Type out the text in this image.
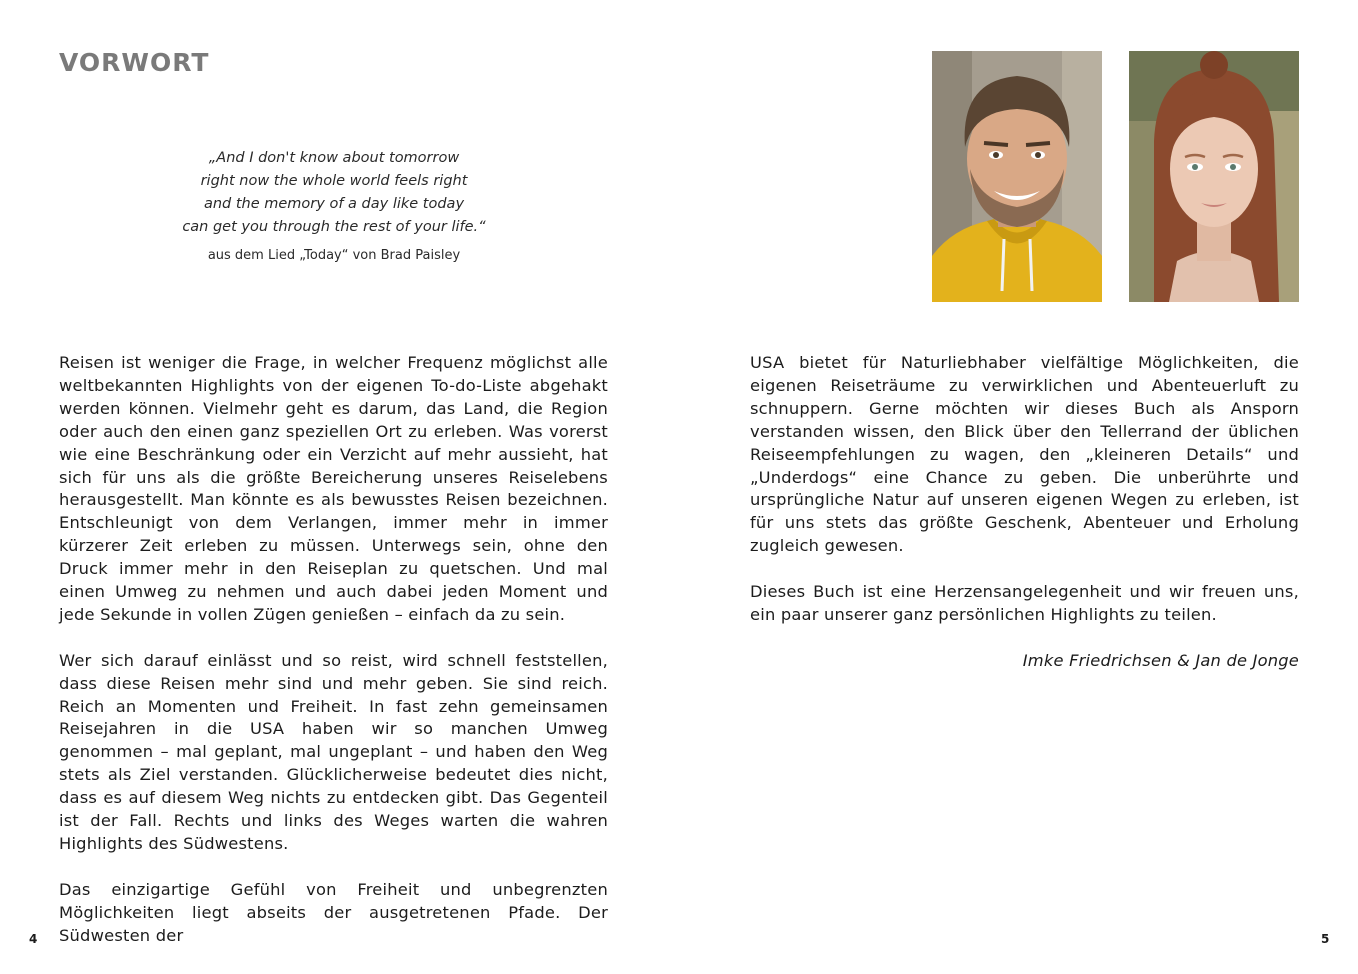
VORWORT
„And I don't know about tomorrow
right now the whole world feels right
and the memory of a day like today
can get you through the rest of your life.“
aus dem Lied „Today“ von Brad Paisley

Reisen ist weniger die Frage, in welcher Frequenz möglichst alle weltbekannten Highlights von der eigenen To-do-Liste abgehakt werden können. Vielmehr geht es darum, das Land, die Region oder auch den einen ganz speziellen Ort zu erleben. Was vorerst wie eine Beschränkung oder ein Verzicht auf mehr aussieht, hat sich für uns als die größte Bereicherung unseres Reiselebens herausgestellt. Man könnte es als bewusstes Reisen bezeichnen. Entschleunigt von dem Verlangen, immer mehr in immer kürzerer Zeit erleben zu müssen. Unterwegs sein, ohne den Druck immer mehr in den Reiseplan zu quetschen. Und mal einen Umweg zu nehmen und auch dabei jeden Moment und jede Sekunde in vollen Zügen genießen – einfach da zu sein.

Wer sich darauf einlässt und so reist, wird schnell feststellen, dass diese Reisen mehr sind und mehr geben. Sie sind reich. Reich an Momenten und Freiheit. In fast zehn gemeinsamen Reisejahren in die USA haben wir so manchen Umweg genommen – mal geplant, mal ungeplant – und haben den Weg stets als Ziel verstanden. Glücklicherweise bedeutet dies nicht, dass es auf diesem Weg nichts zu entdecken gibt. Das Gegenteil ist der Fall. Rechts und links des Weges warten die wahren Highlights des Südwestens.

Das einzigartige Gefühl von Freiheit und unbegrenzten Möglichkeiten liegt abseits der ausgetretenen Pfade. Der Südwesten der

USA bietet für Naturliebhaber vielfältige Möglichkeiten, die eigenen Reiseträume zu verwirklichen und Abenteuerluft zu schnuppern. Gerne möchten wir dieses Buch als Ansporn verstanden wissen, den Blick über den Tellerrand der üblichen Reiseempfehlungen zu wagen, den „kleineren Details“ und „Underdogs“ eine Chance zu geben. Die unberührte und ursprüngliche Natur auf unseren eigenen Wegen zu erleben, ist für uns stets das größte Geschenk, Abenteuer und Erholung zugleich gewesen.

Dieses Buch ist eine Herzensangelegenheit und wir freuen uns, ein paar unserer ganz persönlichen Highlights zu teilen.

Imke Friedrichsen & Jan de Jonge

4	5
